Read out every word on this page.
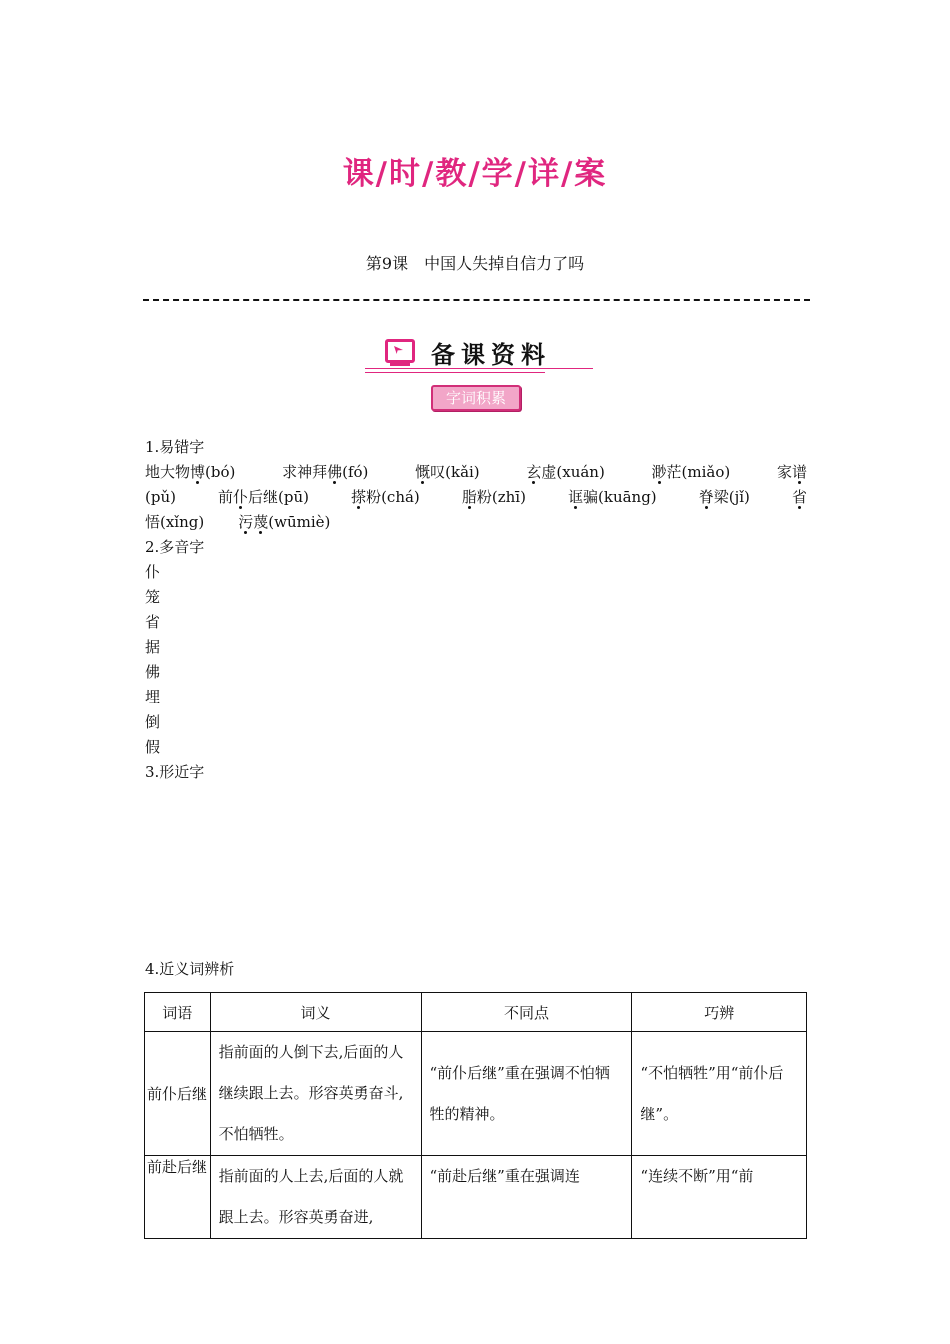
课/时/教/学/详/案
第9课　中国人失掉自信力了吗
备课资料
字词积累
1.易错字
地大物博(bó)	求神拜佛(fó)	慨叹(kǎi)	玄虚(xuán)	渺茫(miǎo)	家谱
(pǔ)	前仆后继(pū)	搽粉(chá)	脂粉(zhī)	诓骗(kuāng)	脊梁(jǐ)	省
悟(xǐng) 污蔑(wūmiè)
2.多音字
仆
笼
省
据
佛
埋
倒
假
3.形近字
4.近义词辨析
词语	词义	不同点	巧辨
前仆后继	指前面的人倒下去,后面的人继续跟上去。形容英勇奋斗,不怕牺牲。	“前仆后继”重在强调不怕牺牲的精神。	“不怕牺牲”用“前仆后继”。
前赴后继	指前面的人上去,后面的人就跟上去。形容英勇奋进,	“前赴后继”重在强调连	“连续不断”用“前
